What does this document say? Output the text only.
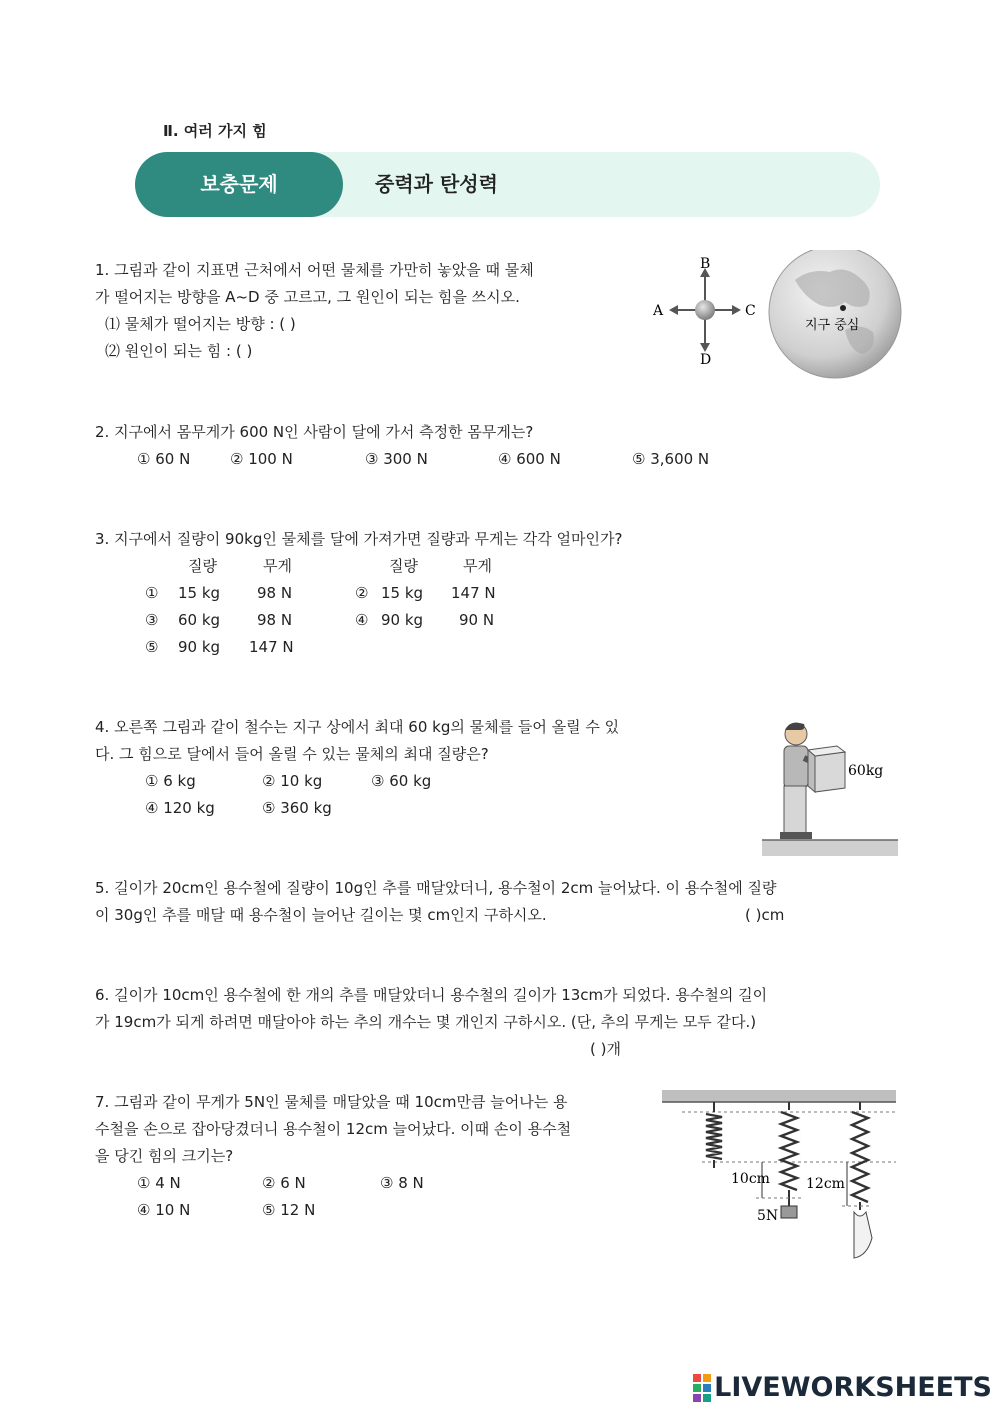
Ⅱ. 여러 가지 힘
보충문제	중력과 탄성력
1. 그림과 같이 지표면 근처에서 어떤 물체를 가만히 놓았을 때 물체
가 떨어지는 방향을 A~D 중 고르고, 그 원인이 되는 힘을 쓰시오.
⑴ 물체가 떨어지는 방향 : ( )
⑵ 원인이 되는 힘 : ( )
B
D
A	C
지구 중심
2. 지구에서 몸무게가 600 N인 사람이 달에 가서 측정한 몸무게는?
① 60 N	② 100 N	③ 300 N	④ 600 N	⑤ 3,600 N
3. 지구에서 질량이 90kg인 물체를 달에 가져가면 질량과 무게는 각각 얼마인가?
질량	무게	질량	무게
① 15 kg 98 N	② 15 kg 147 N
③ 60 kg 98 N	④ 90 kg 90 N
⑤ 90 kg 147 N
4. 오른쪽 그림과 같이 철수는 지구 상에서 최대 60 kg의 물체를 들어 올릴 수 있
다. 그 힘으로 달에서 들어 올릴 수 있는 물체의 최대 질량은?
① 6 kg	② 10 kg	③ 60 kg
④ 120 kg	⑤ 360 kg
60kg
5. 길이가 20cm인 용수철에 질량이 10g인 추를 매달았더니, 용수철이 2cm 늘어났다. 이 용수철에 질량
이 30g인 추를 매달 때 용수철이 늘어난 길이는 몇 cm인지 구하시오.	( )cm
6. 길이가 10cm인 용수철에 한 개의 추를 매달았더니 용수철의 길이가 13cm가 되었다. 용수철의 길이
가 19cm가 되게 하려면 매달아야 하는 추의 개수는 몇 개인지 구하시오. (단, 추의 무게는 모두 같다.)
( )개
7. 그림과 같이 무게가 5N인 물체를 매달았을 때 10cm만큼 늘어나는 용
수철을 손으로 잡아당겼더니 용수철이 12cm 늘어났다. 이때 손이 용수철
을 당긴 힘의 크기는?
① 4 N	② 6 N	③ 8 N
④ 10 N	⑤ 12 N
10cm	12cm
5N
LIVEWORKSHEETS
